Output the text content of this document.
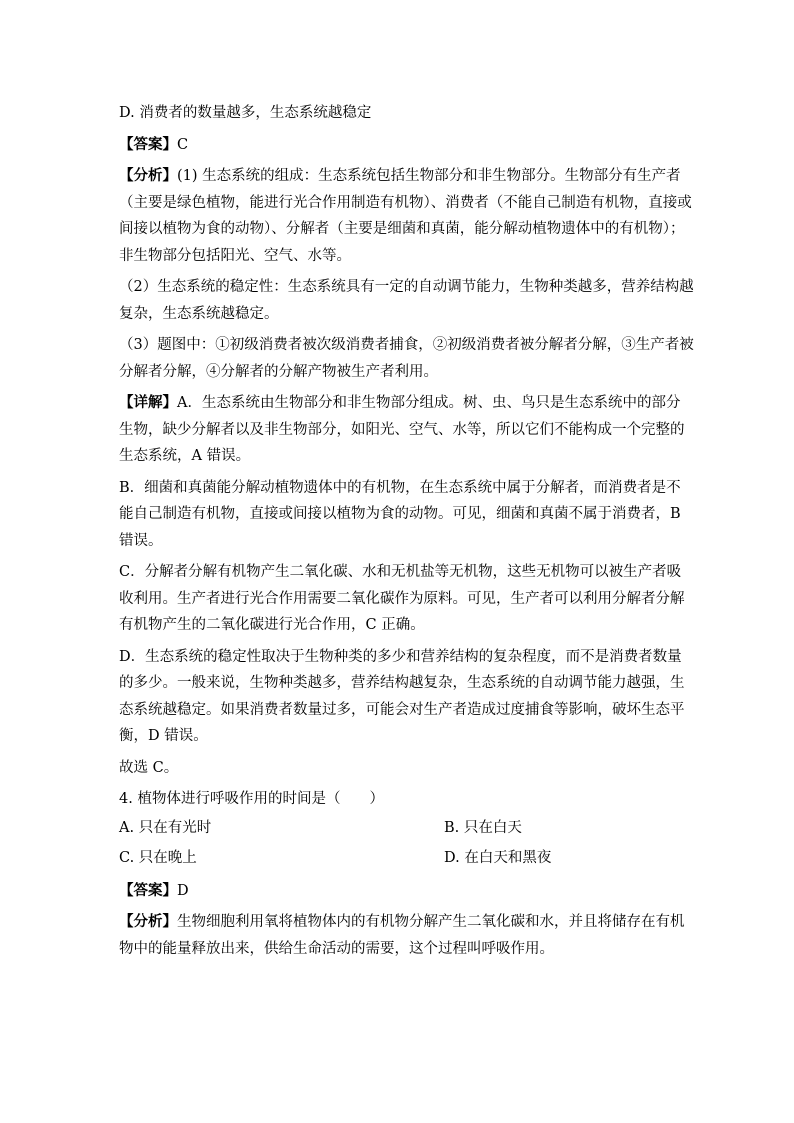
D. 消费者的数量越多，生态系统越稳定
【答案】C
【分析】(1) 生态系统的组成：生态系统包括生物部分和非生物部分。生物部分有生产者
（主要是绿色植物，能进行光合作用制造有机物）、消费者（不能自己制造有机物，直接或
间接以植物为食的动物）、分解者（主要是细菌和真菌，能分解动植物遗体中的有机物）；
非生物部分包括阳光、空气、水等。
（2）生态系统的稳定性：生态系统具有一定的自动调节能力，生物种类越多，营养结构越
复杂，生态系统越稳定。
（3）题图中：①初级消费者被次级消费者捕食，②初级消费者被分解者分解，③生产者被
分解者分解，④分解者的分解产物被生产者利用。
【详解】A．生态系统由生物部分和非生物部分组成。树、虫、鸟只是生态系统中的部分
生物，缺少分解者以及非生物部分，如阳光、空气、水等，所以它们不能构成一个完整的
生态系统，A 错误。
B．细菌和真菌能分解动植物遗体中的有机物，在生态系统中属于分解者，而消费者是不
能自己制造有机物，直接或间接以植物为食的动物。可见，细菌和真菌不属于消费者，B
错误。
C．分解者分解有机物产生二氧化碳、水和无机盐等无机物，这些无机物可以被生产者吸
收利用。生产者进行光合作用需要二氧化碳作为原料。可见，生产者可以利用分解者分解
有机物产生的二氧化碳进行光合作用，C 正确。
D．生态系统的稳定性取决于生物种类的多少和营养结构的复杂程度，而不是消费者数量
的多少。一般来说，生物种类越多，营养结构越复杂，生态系统的自动调节能力越强，生
态系统越稳定。如果消费者数量过多，可能会对生产者造成过度捕食等影响，破坏生态平
衡，D 错误。
故选 C。
4. 植物体进行呼吸作用的时间是（　　）
A. 只在有光时	B. 只在白天
C. 只在晚上	D. 在白天和黑夜
【答案】D
【分析】生物细胞利用氧将植物体内的有机物分解产生二氧化碳和水，并且将储存在有机
物中的能量释放出来，供给生命活动的需要，这个过程叫呼吸作用。
